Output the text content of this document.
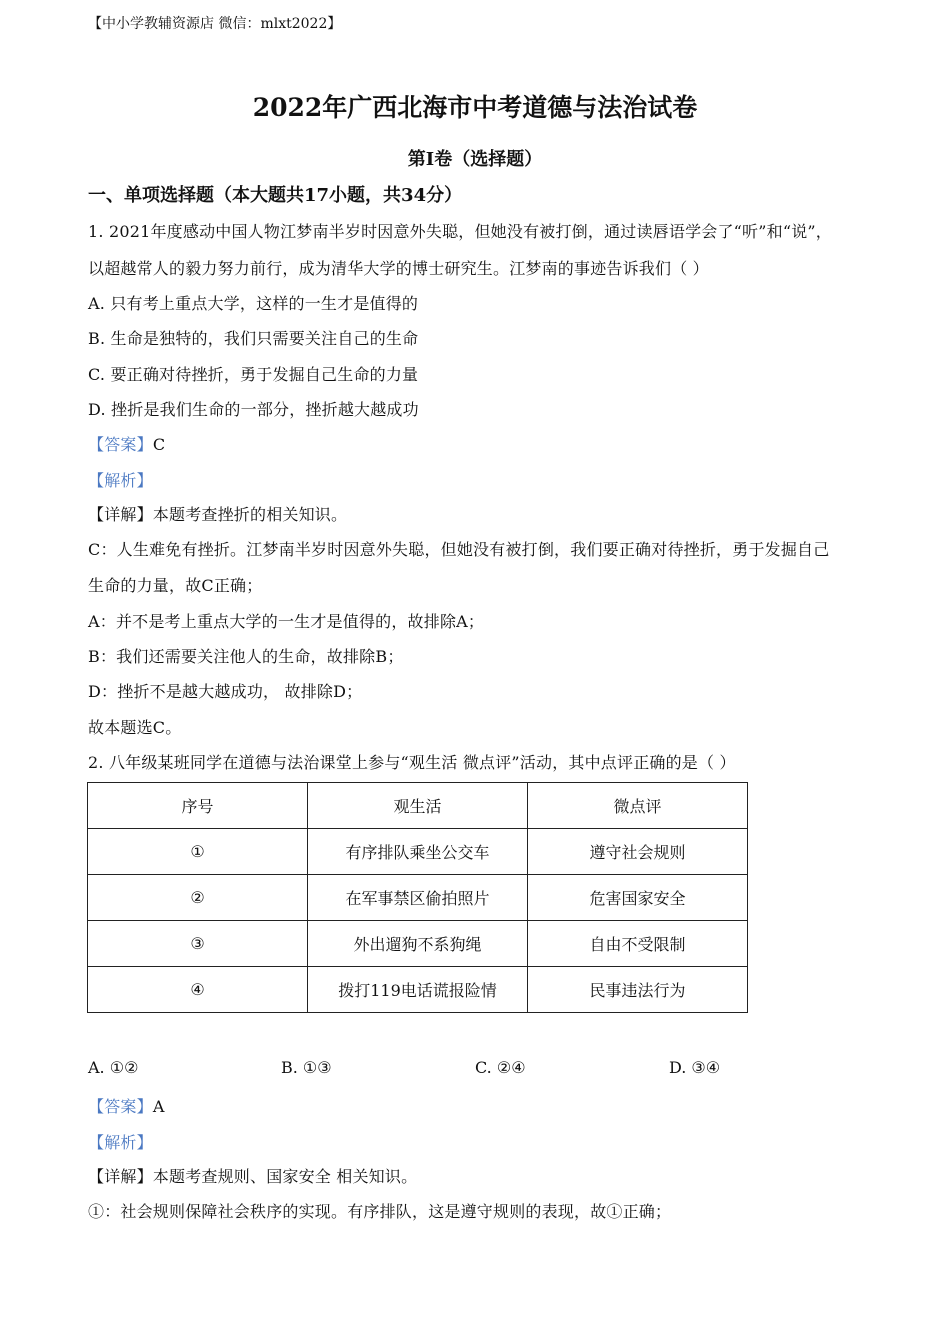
【中小学教辅资源店 微信：mlxt2022】
2022年广西北海市中考道德与法治试卷
第I卷（选择题）
一、单项选择题（本大题共17小题，共34分）
1. 2021年度感动中国人物江梦南半岁时因意外失聪，但她没有被打倒，通过读唇语学会了“听”和“说”，
以超越常人的毅力努力前行，成为清华大学的博士研究生。江梦南的事迹告诉我们（ ）
A. 只有考上重点大学，这样的一生才是值得的
B. 生命是独特的，我们只需要关注自己的生命
C. 要正确对待挫折，勇于发掘自己生命的力量
D. 挫折是我们生命的一部分，挫折越大越成功
【答案】C
【解析】
【详解】本题考查挫折的相关知识。
C：人生难免有挫折。江梦南半岁时因意外失聪，但她没有被打倒，我们要正确对待挫折，勇于发掘自己
生命的力量，故C正确；
A：并不是考上重点大学的一生才是值得的，故排除A；
B：我们还需要关注他人的生命，故排除B；
D：挫折不是越大越成功， 故排除D；
故本题选C。
2. 八年级某班同学在道德与法治课堂上参与“观生活 微点评”活动，其中点评正确的是（ ）
序号	观生活	微点评
①	有序排队乘坐公交车	遵守社会规则
②	在军事禁区偷拍照片	危害国家安全
③	外出遛狗不系狗绳	自由不受限制
④	拨打119电话谎报险情	民事违法行为
A. ①②	B. ①③	C. ②④	D. ③④
【答案】A
【解析】
【详解】本题考查规则、国家安全 相关知识。
①：社会规则保障社会秩序的实现。有序排队，这是遵守规则的表现，故①正确；
